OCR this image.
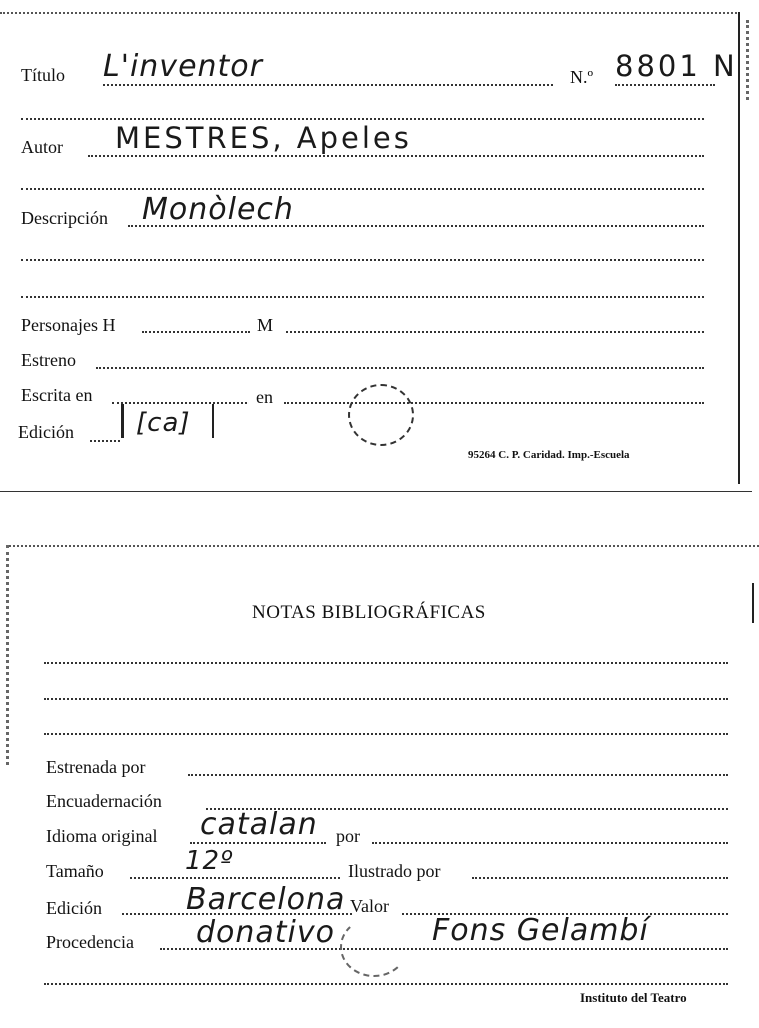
Título L'inventor	N.º 8801 N
Autor MESTRES, Apeles
Descripción Monòlech
Personajes H	M
Estreno
Escrita en	en
Edición [ca]
95264 C. P. Caridad. Imp.-Escuela
NOTAS BIBLIOGRÁFICAS
Estrenada por
Encuadernación
Idioma original catalan por
Tamaño	12º	Ilustrado por
Edición	Barcelona Valor
Procedencia donativo	Fons Gelambí
Instituto del Teatro
